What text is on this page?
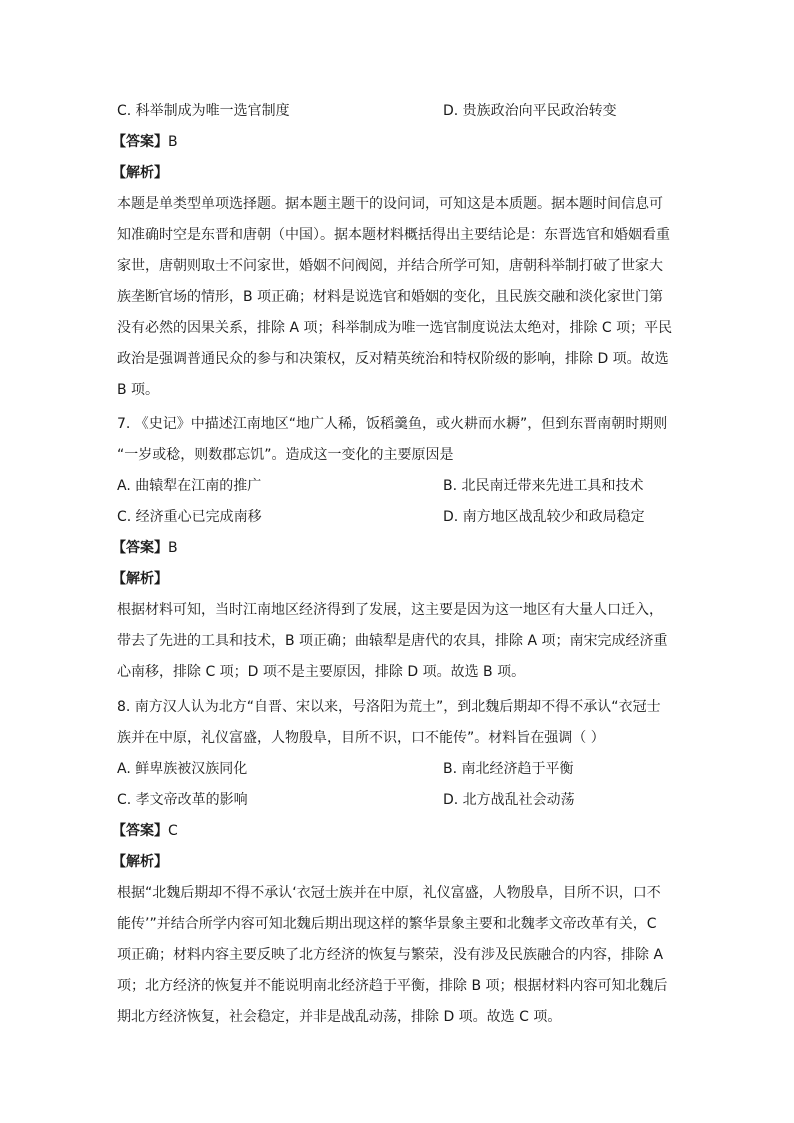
C. 科举制成为唯一选官制度	D. 贵族政治向平民政治转变
【答案】B
【解析】
本题是单类型单项选择题。据本题主题干的设问词，可知这是本质题。据本题时间信息可
知准确时空是东晋和唐朝（中国）。据本题材料概括得出主要结论是：东晋选官和婚姻看重
家世，唐朝则取士不问家世，婚姻不问阀阅，并结合所学可知，唐朝科举制打破了世家大
族垄断官场的情形，B 项正确；材料是说选官和婚姻的变化，且民族交融和淡化家世门第
没有必然的因果关系，排除 A 项；科举制成为唯一选官制度说法太绝对，排除 C 项；平民
政治是强调普通民众的参与和决策权，反对精英统治和特权阶级的影响，排除 D 项。故选
B 项。
7. 《史记》中描述江南地区“地广人稀，饭稻羹鱼，或火耕而水耨”，但到东晋南朝时期则
“一岁或稔，则数郡忘饥”。造成这一变化的主要原因是
A. 曲辕犁在江南的推广	B. 北民南迁带来先进工具和技术
C. 经济重心已完成南移	D. 南方地区战乱较少和政局稳定
【答案】B
【解析】
根据材料可知，当时江南地区经济得到了发展，这主要是因为这一地区有大量人口迁入，
带去了先进的工具和技术，B 项正确；曲辕犁是唐代的农具，排除 A 项；南宋完成经济重
心南移，排除 C 项；D 项不是主要原因，排除 D 项。故选 B 项。
8. 南方汉人认为北方“自晋、宋以来，号洛阳为荒土”，到北魏后期却不得不承认“衣冠士
族并在中原，礼仪富盛，人物殷阜，目所不识，口不能传”。材料旨在强调（ ）
A. 鲜卑族被汉族同化	B. 南北经济趋于平衡
C. 孝文帝改革的影响	D. 北方战乱社会动荡
【答案】C
【解析】
根据“北魏后期却不得不承认‘衣冠士族并在中原，礼仪富盛，人物殷阜，目所不识，口不
能传’”并结合所学内容可知北魏后期出现这样的繁华景象主要和北魏孝文帝改革有关，C
项正确；材料内容主要反映了北方经济的恢复与繁荣，没有涉及民族融合的内容，排除 A
项；北方经济的恢复并不能说明南北经济趋于平衡，排除 B 项；根据材料内容可知北魏后
期北方经济恢复，社会稳定，并非是战乱动荡，排除 D 项。故选 C 项。
